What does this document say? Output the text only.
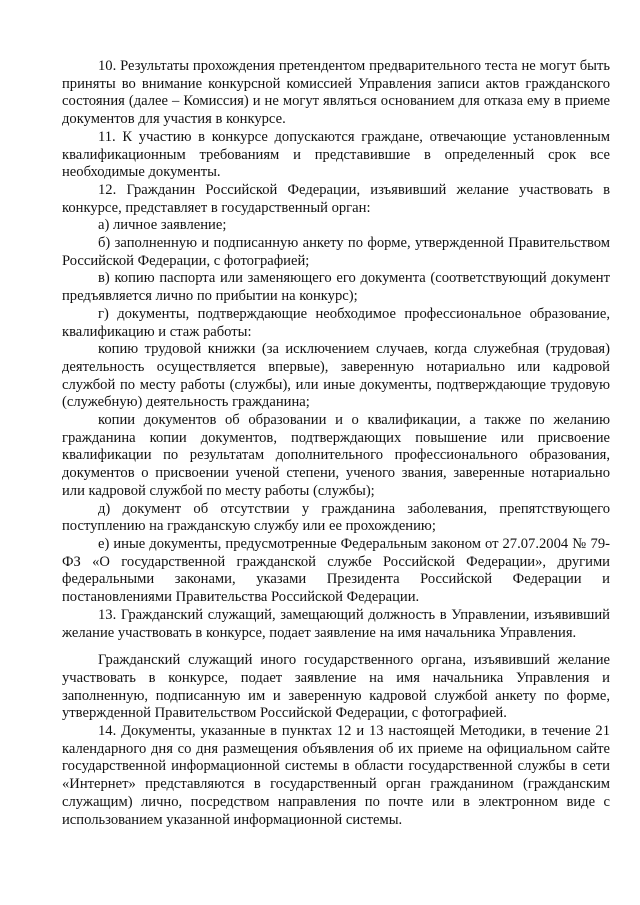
10. Результаты прохождения претендентом предварительного теста не могут быть приняты во внимание конкурсной комиссией Управления записи актов гражданского состояния (далее – Комиссия) и не могут являться основанием для отказа ему в приеме документов для участия в конкурсе.

11. К участию в конкурсе допускаются граждане, отвечающие установленным квалификационным требованиям и представившие в определенный срок все необходимые документы.

12. Гражданин Российской Федерации, изъявивший желание участвовать в конкурсе, представляет в государственный орган:

а) личное заявление;

б) заполненную и подписанную анкету по форме, утвержденной Правительством Российской Федерации, с фотографией;

в) копию паспорта или заменяющего его документа (соответствующий документ предъявляется лично по прибытии на конкурс);

г) документы, подтверждающие необходимое профессиональное образование, квалификацию и стаж работы:

копию трудовой книжки (за исключением случаев, когда служебная (трудовая) деятельность осуществляется впервые), заверенную нотариально или кадровой службой по месту работы (службы), или иные документы, подтверждающие трудовую (служебную) деятельность гражданина;

копии документов об образовании и о квалификации, а также по желанию гражданина копии документов, подтверждающих повышение или присвоение квалификации по результатам дополнительного профессионального образования, документов о присвоении ученой степени, ученого звания, заверенные нотариально или кадровой службой по месту работы (службы);

д) документ об отсутствии у гражданина заболевания, препятствующего поступлению на гражданскую службу или ее прохождению;

е) иные документы, предусмотренные Федеральным законом от 27.07.2004 № 79-ФЗ «О государственной гражданской службе Российской Федерации», другими федеральными законами, указами Президента Российской Федерации и постановлениями Правительства Российской Федерации.

13. Гражданский служащий, замещающий должность в Управлении, изъявивший желание участвовать в конкурсе, подает заявление на имя начальника Управления.

Гражданский служащий иного государственного органа, изъявивший желание участвовать в конкурсе, подает заявление на имя начальника Управления и заполненную, подписанную им и заверенную кадровой службой анкету по форме, утвержденной Правительством Российской Федерации, с фотографией.

14. Документы, указанные в пунктах 12 и 13 настоящей Методики, в течение 21 календарного дня со дня размещения объявления об их приеме на официальном сайте государственной информационной системы в области государственной службы в сети «Интернет» представляются в государственный орган гражданином (гражданским служащим) лично, посредством направления по почте или в электронном виде с использованием указанной информационной системы.
